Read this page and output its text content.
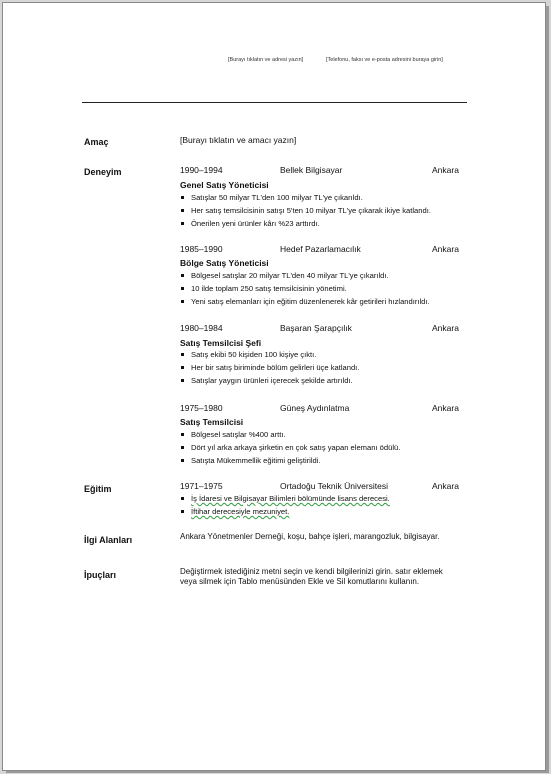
[Burayı tıklatın ve adresi yazın]	[Telefonu, faksı ve e-posta adresini buraya girin]
Amaç	[Burayı tıklatın ve amacı yazın]
Deneyim	1990–1994	Bellek Bilgisayar	Ankara
Genel Satış Yöneticisi
Satışlar 50 milyar TL'den 100 milyar TL'ye çıkarıldı.
Her satış temsilcisinin satışı 5'ten 10 milyar TL'ye çıkarak ikiye katlandı.
Önerilen yeni ürünler kârı %23 arttırdı.
1985–1990	Hedef Pazarlamacılık	Ankara
Bölge Satış Yöneticisi
Bölgesel satışlar 20 milyar TL'den 40 milyar TL'ye çıkarıldı.
10 ilde toplam 250 satış temsilcisinin yönetimi.
Yeni satış elemanları için eğitim düzenlenerek kâr getirileri hızlandırıldı.
1980–1984	Başaran Şarapçılık	Ankara
Satış Temsilcisi Şefi
Satış ekibi 50 kişiden 100 kişiye çıktı.
Her bir satış biriminde bölüm gelirleri üçe katlandı.
Satışlar yaygın ürünleri içerecek şekilde artırıldı.
1975–1980	Güneş Aydınlatma	Ankara
Satış Temsilcisi
Bölgesel satışlar %400 arttı.
Dört yıl arka arkaya şirketin en çok satış yapan elemanı ödülü.
Satışta Mükemmellik eğitimi geliştirildi.
Eğitim	1971–1975	Ortadoğu Teknik Üniversitesi	Ankara
İş İdaresi ve Bilgisayar Bilimleri bölümünde lisans derecesi.
İftihar derecesiyle mezuniyet.
İlgi Alanları	Ankara Yönetmenler Derneği, koşu, bahçe işleri, marangozluk, bilgisayar.
İpuçları	Değiştirmek istediğiniz metni seçin ve kendi bilgilerinizi girin. satır eklemek veya silmek için Tablo menüsünden Ekle ve Sil komutlarını kullanın.
